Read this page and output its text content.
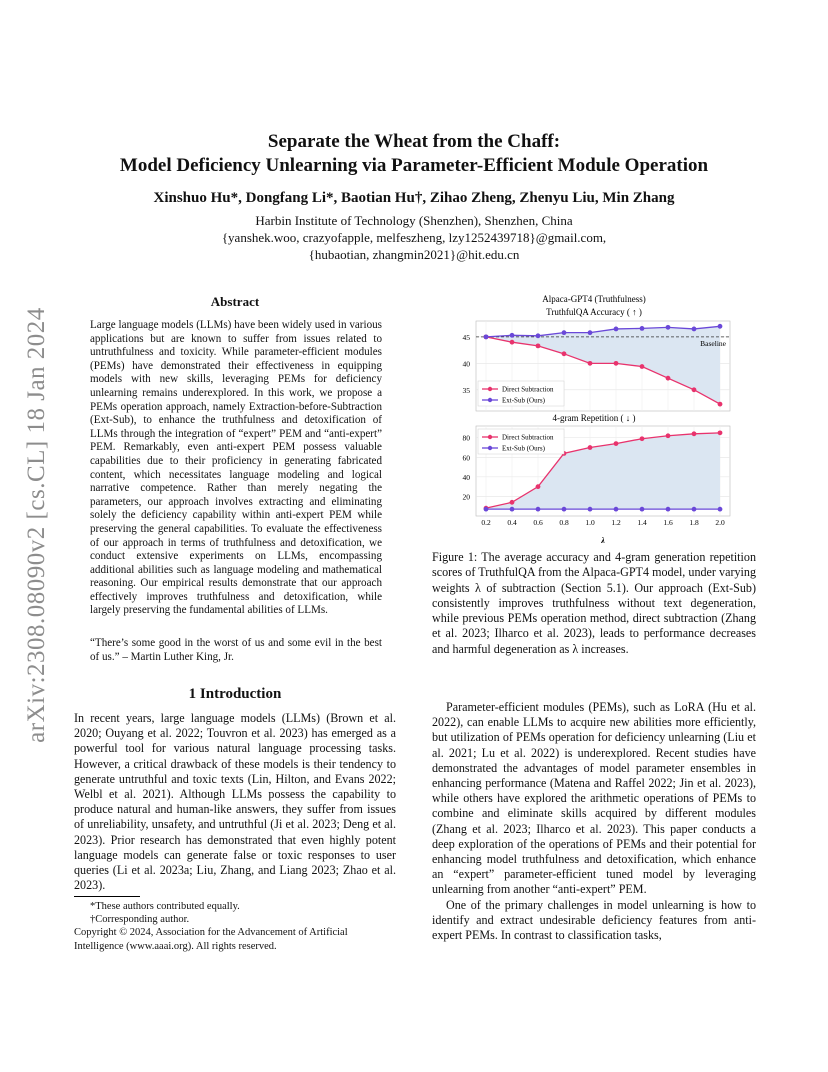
arXiv:2308.08090v2 [cs.CL] 18 Jan 2024
Separate the Wheat from the Chaff:
Model Deficiency Unlearning via Parameter-Efficient Module Operation
Xinshuo Hu*, Dongfang Li*, Baotian Hu†, Zihao Zheng, Zhenyu Liu, Min Zhang
Harbin Institute of Technology (Shenzhen), Shenzhen, China
{yanshek.woo, crazyofapple, melfeszheng, lzy1252439718}@gmail.com,
{hubaotian, zhangmin2021}@hit.edu.cn
Abstract
Large language models (LLMs) have been widely used in various applications but are known to suffer from issues related to untruthfulness and toxicity. While parameter-efficient modules (PEMs) have demonstrated their effectiveness in equipping models with new skills, leveraging PEMs for deficiency unlearning remains underexplored. In this work, we propose a PEMs operation approach, namely Extraction-before-Subtraction (Ext-Sub), to enhance the truthfulness and detoxification of LLMs through the integration of “expert” PEM and “anti-expert” PEM. Remarkably, even anti-expert PEM possess valuable capabilities due to their proficiency in generating fabricated content, which necessitates language modeling and logical narrative competence. Rather than merely negating the parameters, our approach involves extracting and eliminating solely the deficiency capability within anti-expert PEM while preserving the general capabilities. To evaluate the effectiveness of our approach in terms of truthfulness and detoxification, we conduct extensive experiments on LLMs, encompassing additional abilities such as language modeling and mathematical reasoning. Our empirical results demonstrate that our approach effectively improves truthfulness and detoxification, while largely preserving the fundamental abilities of LLMs.
“There’s some good in the worst of us and some evil in the best of us.” – Martin Luther King, Jr.
1 Introduction
In recent years, large language models (LLMs) (Brown et al. 2020; Ouyang et al. 2022; Touvron et al. 2023) has emerged as a powerful tool for various natural language processing tasks. However, a critical drawback of these models is their tendency to generate untruthful and toxic texts (Lin, Hilton, and Evans 2022; Welbl et al. 2021). Although LLMs possess the capability to produce natural and human-like answers, they suffer from issues of unreliability, unsafety, and untruthful (Ji et al. 2023; Deng et al. 2023). Prior research has demonstrated that even highly potent language models can generate false or toxic responses to user queries (Li et al. 2023a; Liu, Zhang, and Liang 2023; Zhao et al. 2023).

*These authors contributed equally.

†Corresponding author.

Copyright © 2024, Association for the Advancement of Artificial Intelligence (www.aaai.org). All rights reserved.

Alpaca-GPT4 (Truthfulness)
TruthfulQA Accuracy ( ↑ )
Baseline
35
40
45
Direct Subtraction
Ext-Sub (Ours)
4-gram Repetition ( ↓ )
20
40
60
80
0.2 0.4 0.6 0.8 1.0 1.2 1.4 1.6 1.8 2.0
Direct Subtraction
Ext-Sub (Ours)
λ
Figure 1: The average accuracy and 4-gram generation repetition scores of TruthfulQA from the Alpaca-GPT4 model, under varying weights λ of subtraction (Section 5.1). Our approach (Ext-Sub) consistently improves truthfulness without text degeneration, while previous PEMs operation method, direct subtraction (Zhang et al. 2023; Ilharco et al. 2023), leads to performance decreases and harmful degeneration as λ increases.

Parameter-efficient modules (PEMs), such as LoRA (Hu et al. 2022), can enable LLMs to acquire new abilities more efficiently, but utilization of PEMs operation for deficiency unlearning (Liu et al. 2021; Lu et al. 2022) is underexplored. Recent studies have demonstrated the advantages of model parameter ensembles in enhancing performance (Matena and Raffel 2022; Jin et al. 2023), while others have explored the arithmetic operations of PEMs to combine and eliminate skills acquired by different modules (Zhang et al. 2023; Ilharco et al. 2023). This paper conducts a deep exploration of the operations of PEMs and their potential for enhancing model truthfulness and detoxification, which enhance an “expert” parameter-efficient tuned model by leveraging unlearning from another “anti-expert” PEM.

One of the primary challenges in model unlearning is how to identify and extract undesirable deficiency features from anti-expert PEMs. In contrast to classification tasks,
